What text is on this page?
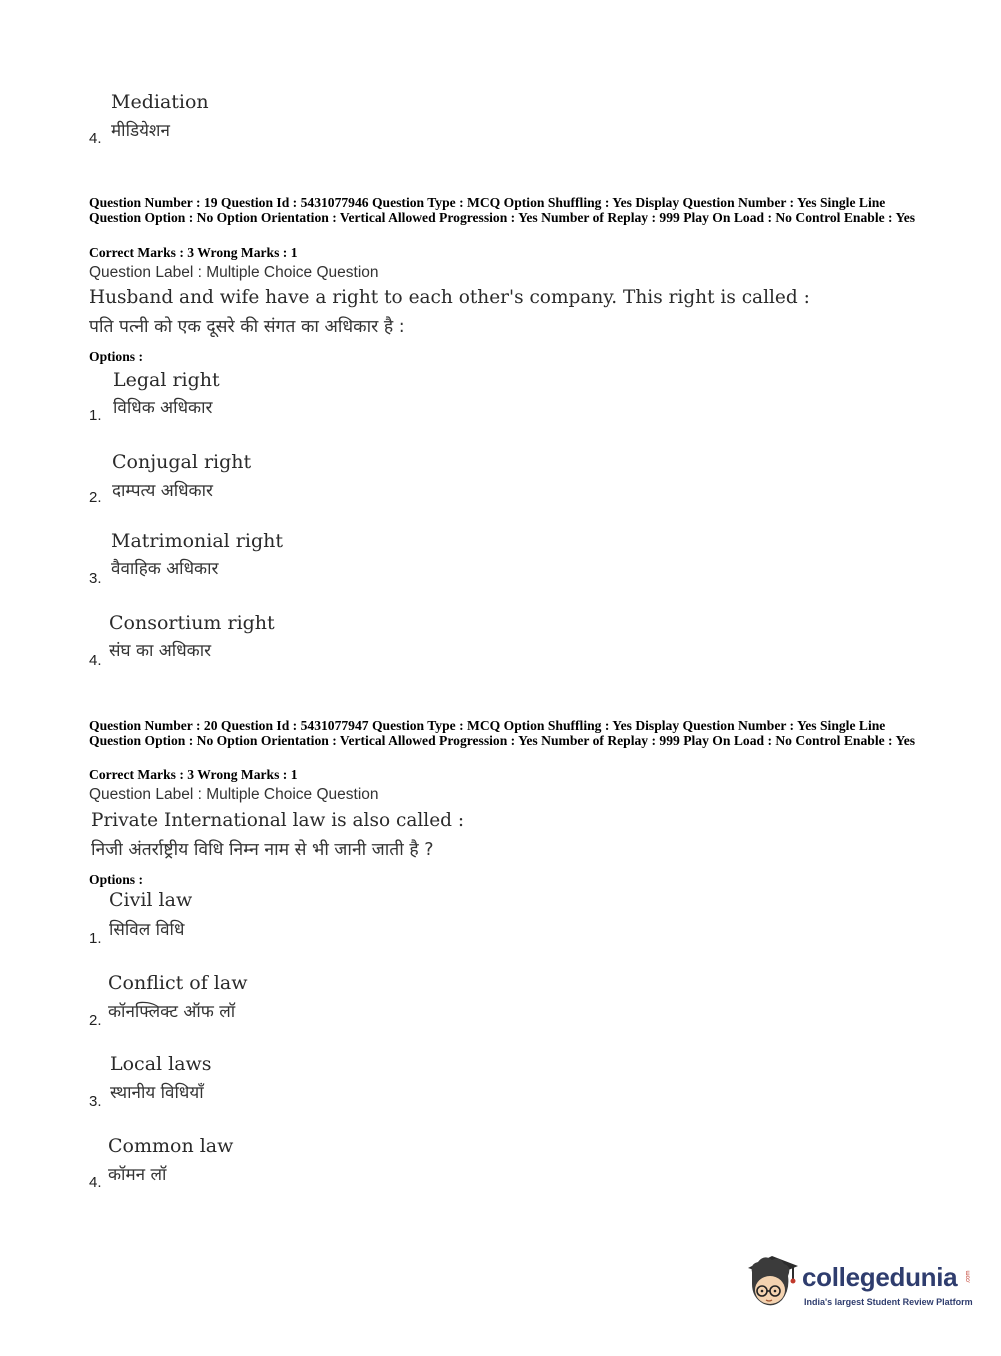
Mediation
मीडियेशन
4.
Question Number : 19 Question Id : 5431077946 Question Type : MCQ Option Shuffling : Yes Display Question Number : Yes Single Line Question Option : No Option Orientation : Vertical Allowed Progression : Yes Number of Replay : 999 Play On Load : No Control Enable : Yes
Correct Marks : 3 Wrong Marks : 1
Question Label : Multiple Choice Question
Husband and wife have a right to each other's company. This right is called :
पति पत्नी को एक दूसरे की संगत का अधिकार है :
Options :
Legal right
विधिक अधिकार
1.
Conjugal right
दाम्पत्य अधिकार
2.
Matrimonial right
वैवाहिक अधिकार
3.
Consortium right
संघ का अधिकार
4.
Question Number : 20 Question Id : 5431077947 Question Type : MCQ Option Shuffling : Yes Display Question Number : Yes Single Line Question Option : No Option Orientation : Vertical Allowed Progression : Yes Number of Replay : 999 Play On Load : No Control Enable : Yes
Correct Marks : 3 Wrong Marks : 1
Question Label : Multiple Choice Question
Private International law is also called :
निजी अंतर्राष्ट्रीय विधि निम्न नाम से भी जानी जाती है ?
Options :
Civil law
सिविल विधि
1.
Conflict of law
कॉनफ्लिक्ट ऑफ लॉ
2.
Local laws
स्थानीय विधियाँ
3.
Common law
कॉमन लॉ
4.
collegedunia .com
India's largest Student Review Platform
